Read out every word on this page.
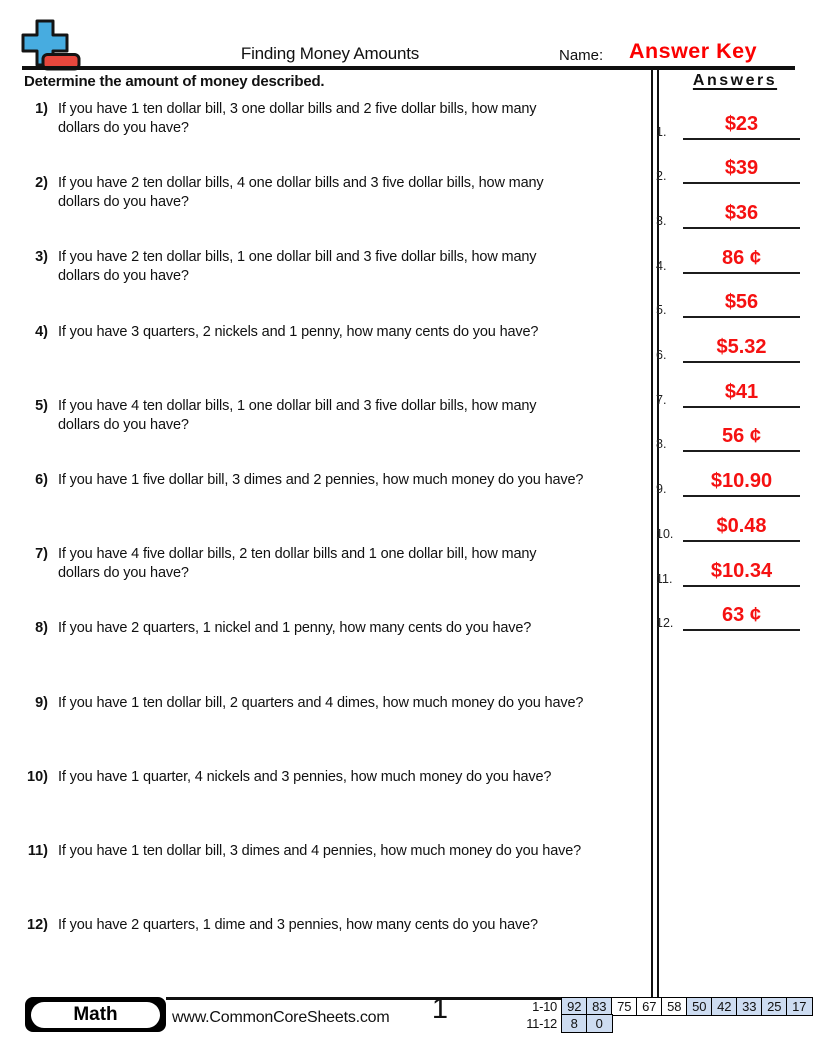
Finding Money Amounts	Name:	Answer Key
Determine the amount of money described.	Answers
1) If you have 1 ten dollar bill, 3 one dollar bills and 2 five dollar bills, how many
dollars do you have?
2) If you have 2 ten dollar bills, 4 one dollar bills and 3 five dollar bills, how many
dollars do you have?
3) If you have 2 ten dollar bills, 1 one dollar bill and 3 five dollar bills, how many
dollars do you have?
4) If you have 3 quarters, 2 nickels and 1 penny, how many cents do you have?
5) If you have 4 ten dollar bills, 1 one dollar bill and 3 five dollar bills, how many
dollars do you have?
6) If you have 1 five dollar bill, 3 dimes and 2 pennies, how much money do you have?
7) If you have 4 five dollar bills, 2 ten dollar bills and 1 one dollar bill, how many
dollars do you have?
8) If you have 2 quarters, 1 nickel and 1 penny, how many cents do you have?
9) If you have 1 ten dollar bill, 2 quarters and 4 dimes, how much money do you have?
10) If you have 1 quarter, 4 nickels and 3 pennies, how much money do you have?
11) If you have 1 ten dollar bill, 3 dimes and 4 pennies, how much money do you have?
12) If you have 2 quarters, 1 dime and 3 pennies, how many cents do you have?
1.	$23
2.	$39
3.	$36
4.	86 ¢
5.	$56
6.	$5.32
7.	$41
8.	56 ¢
9.	$10.90
10.	$0.48
11.	$10.34
12.	63 ¢
Math	www.CommonCoreSheets.com	1	1-10 92 83 75 67 58 50 42 33 25 17
11-12	8	0
